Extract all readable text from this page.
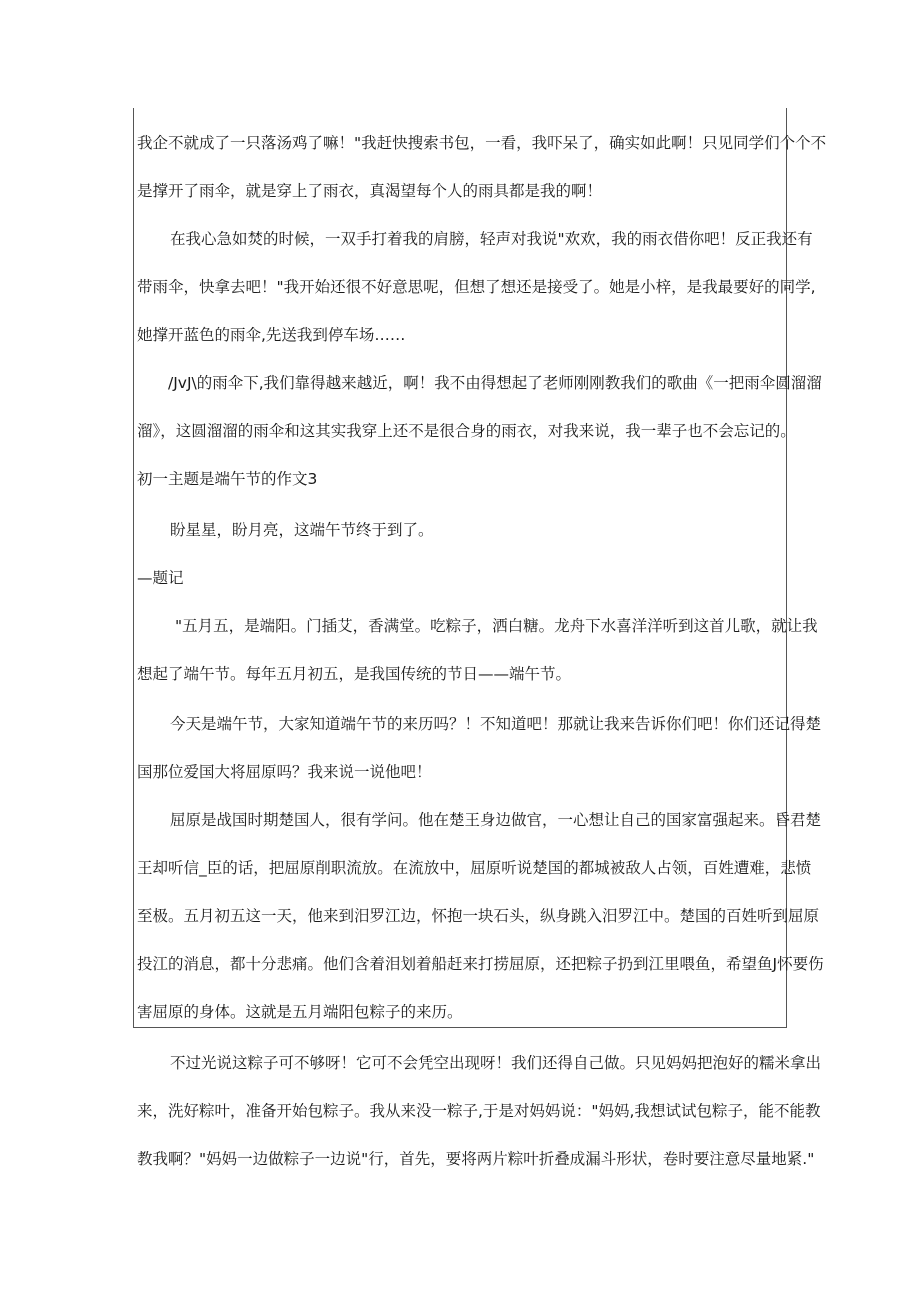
我企不就成了一只落汤鸡了嘛！"我赶快搜索书包，一看，我吓呆了，确实如此啊！只见同学们个个不
是撑开了雨伞，就是穿上了雨衣，真渴望每个人的雨具都是我的啊！
在我心急如焚的时候，一双手打着我的肩膀，轻声对我说"欢欢，我的雨衣借你吧！反正我还有
带雨伞，快拿去吧！"我开始还很不好意思呢，但想了想还是接受了。她是小梓，是我最要好的同学,
她撑开蓝色的雨伞,先送我到停车场……
/JvJ\的雨伞下,我们靠得越来越近，啊！我不由得想起了老师刚刚教我们的歌曲《一把雨伞圆溜溜
溜》，这圆溜溜的雨伞和这其实我穿上还不是很合身的雨衣，对我来说，我一辈子也不会忘记的。
初一主题是端午节的作文3
盼星星，盼月亮，这端午节终于到了。
—题记
"五月五，是端阳。门插艾，香满堂。吃粽子，洒白糖。龙舟下水喜洋洋听到这首儿歌，就让我
想起了端午节。每年五月初五，是我国传统的节日——端午节。
今天是端午节，大家知道端午节的来历吗？！不知道吧！那就让我来告诉你们吧！你们还记得楚
国那位爱国大将屈原吗？我来说一说他吧！
屈原是战国时期楚国人，很有学问。他在楚王身边做官，一心想让自己的国家富强起来。昏君楚
王却听信_臣的话，把屈原削职流放。在流放中，屈原听说楚国的都城被敌人占领，百姓遭难，悲愤
至极。五月初五这一天，他来到汨罗江边，怀抱一块石头，纵身跳入汨罗江中。楚国的百姓听到屈原
投江的消息，都十分悲痛。他们含着泪划着船赶来打捞屈原，还把粽子扔到江里喂鱼，希望鱼J怀要伤
害屈原的身体。这就是五月端阳包粽子的来历。
不过光说这粽子可不够呀！它可不会凭空出现呀！我们还得自己做。只见妈妈把泡好的糯米拿出
来，洗好粽叶，准备开始包粽子。我从来没一粽子,于是对妈妈说："妈妈,我想试试包粽子，能不能教
教我啊？"妈妈一边做粽子一边说"行，首先，要将两片粽叶折叠成漏斗形状，卷时要注意尽量地紧."
